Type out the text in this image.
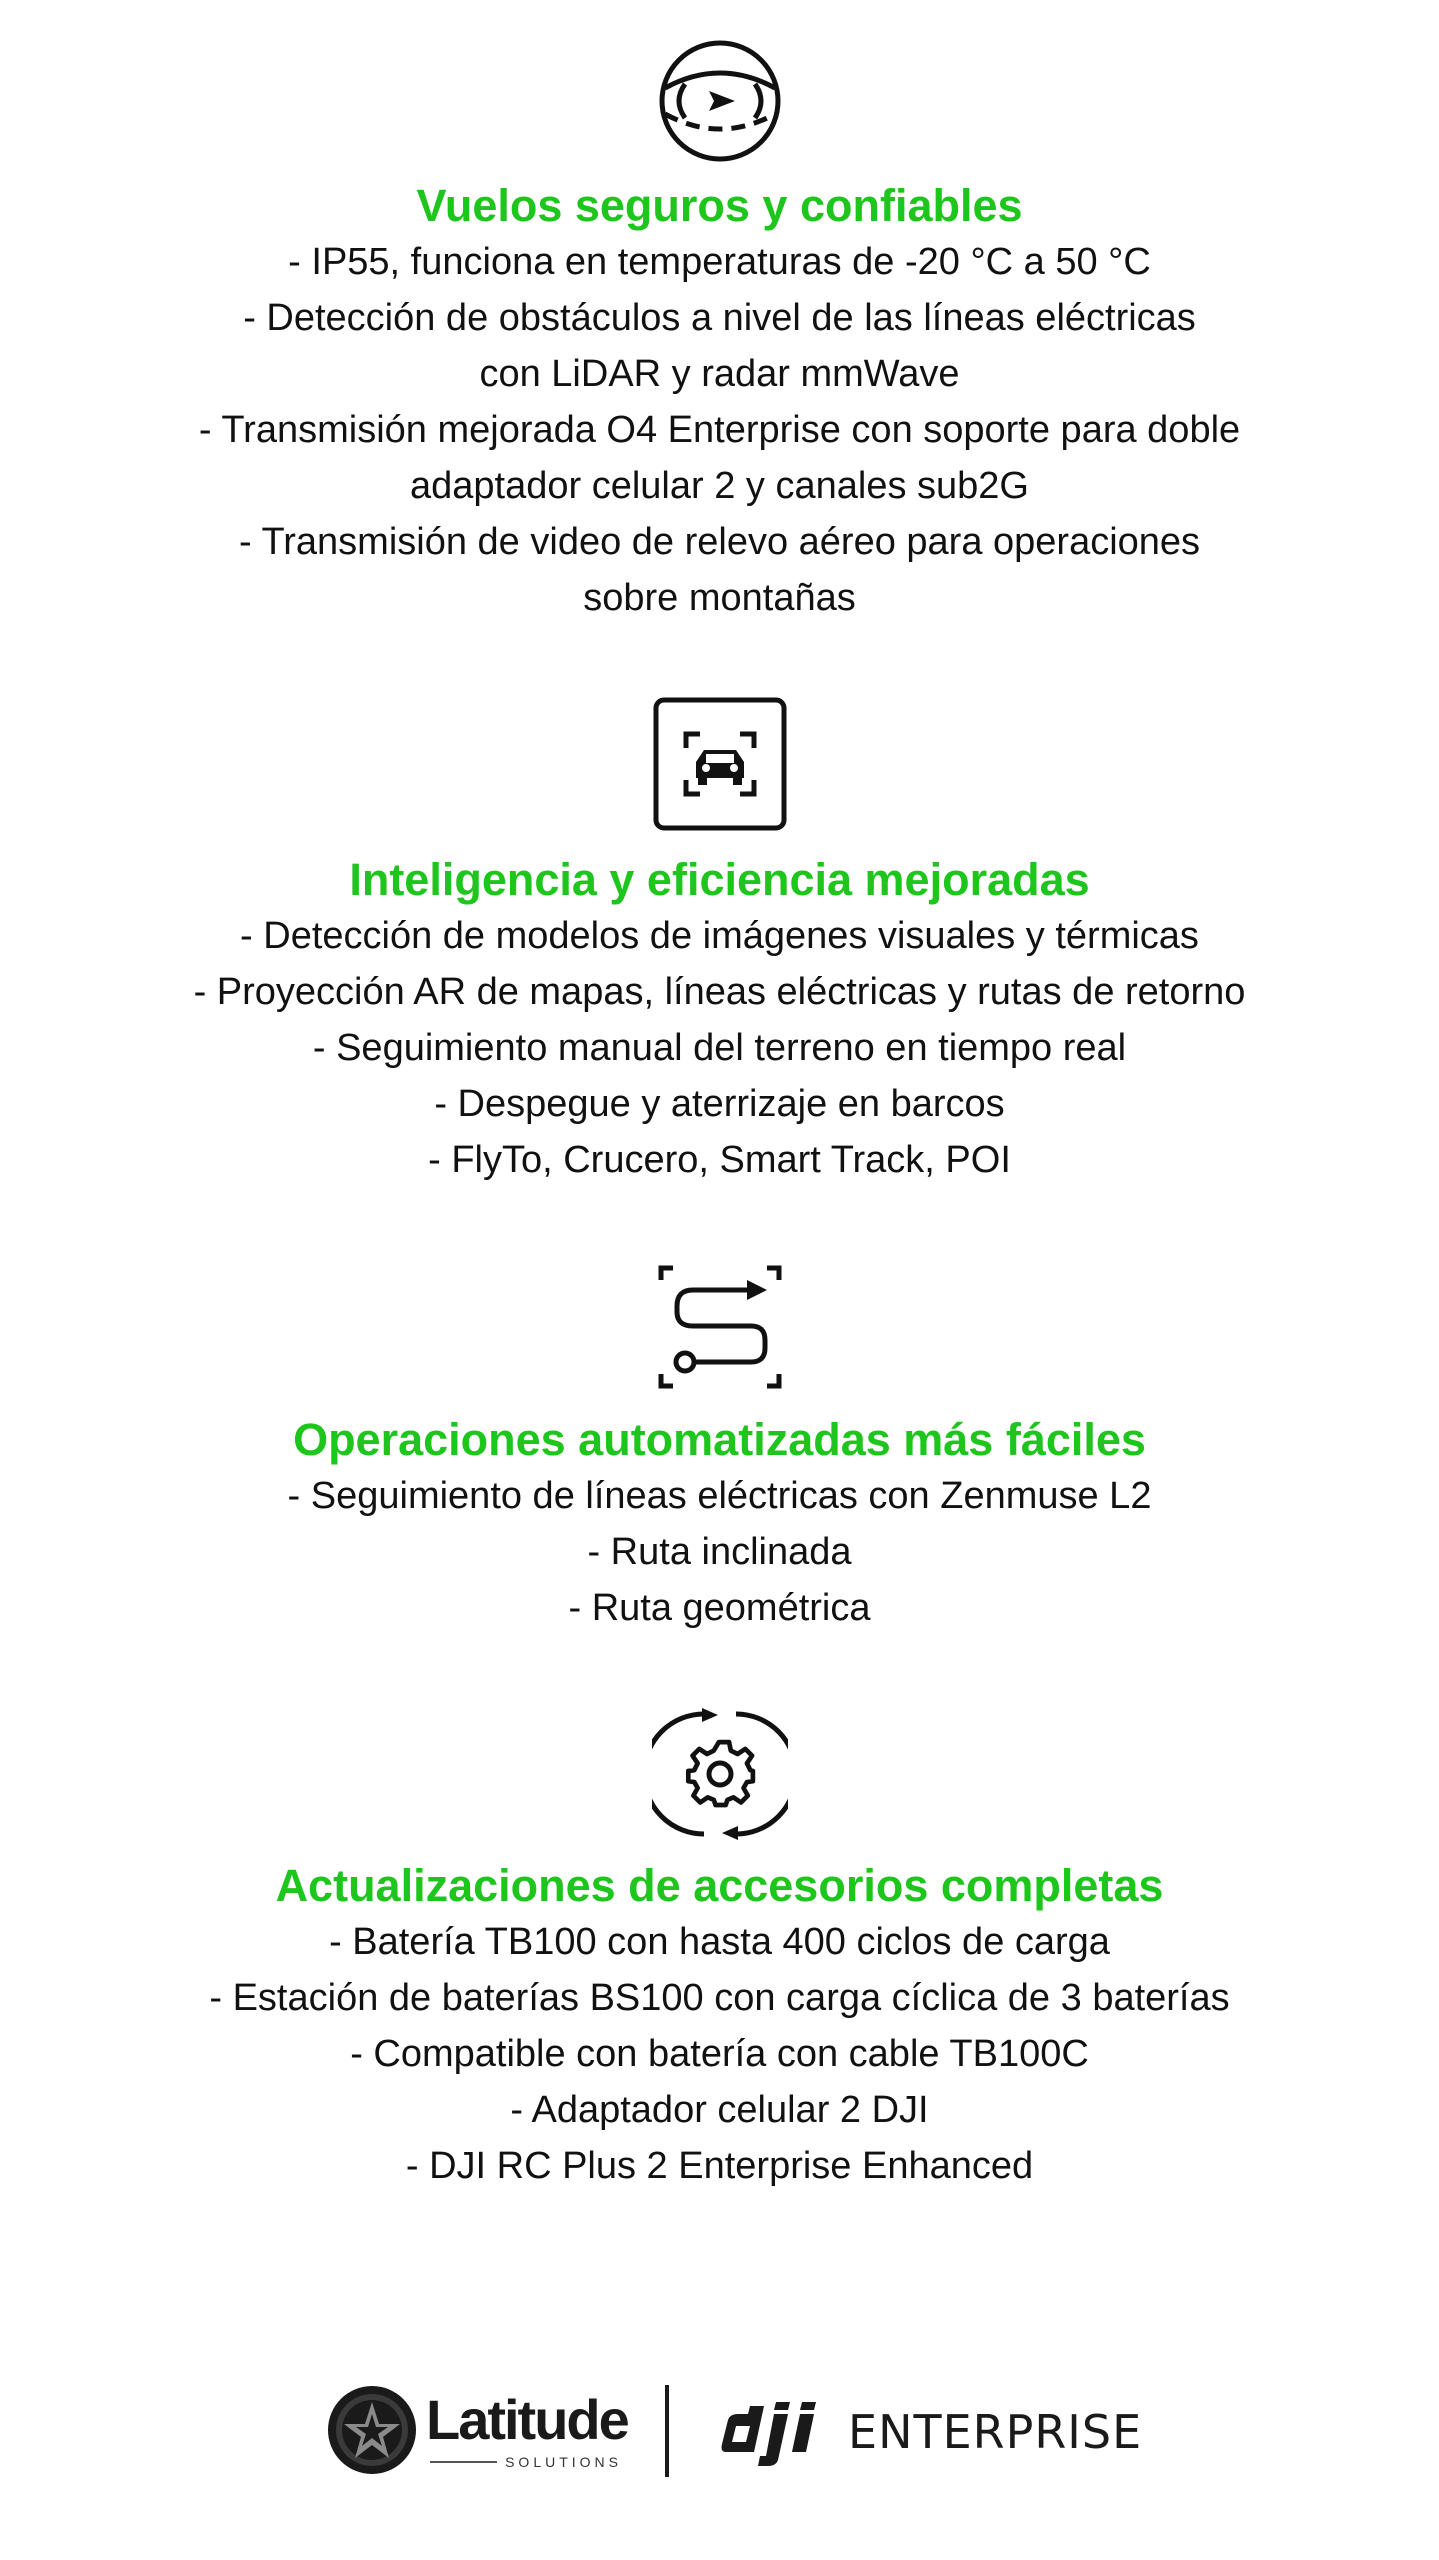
Vuelos seguros y confiables
- IP55, funciona en temperaturas de -20 °C a 50 °C
- Detección de obstáculos a nivel de las líneas eléctricas
con LiDAR y radar mmWave
- Transmisión mejorada O4 Enterprise con soporte para doble
adaptador celular 2 y canales sub2G
- Transmisión de video de relevo aéreo para operaciones
sobre montañas
Inteligencia y eficiencia mejoradas
- Detección de modelos de imágenes visuales y térmicas
- Proyección AR de mapas, líneas eléctricas y rutas de retorno
- Seguimiento manual del terreno en tiempo real
- Despegue y aterrizaje en barcos
- FlyTo, Crucero, Smart Track, POI
Operaciones automatizadas más fáciles
- Seguimiento de líneas eléctricas con Zenmuse L2
- Ruta inclinada
- Ruta geométrica
Actualizaciones de accesorios completas
- Batería TB100 con hasta 400 ciclos de carga
- Estación de baterías BS100 con carga cíclica de 3 baterías
- Compatible con batería con cable TB100C
- Adaptador celular 2 DJI
- DJI RC Plus 2 Enterprise Enhanced
Latitude
SOLUTIONS
ENTERPRISE
